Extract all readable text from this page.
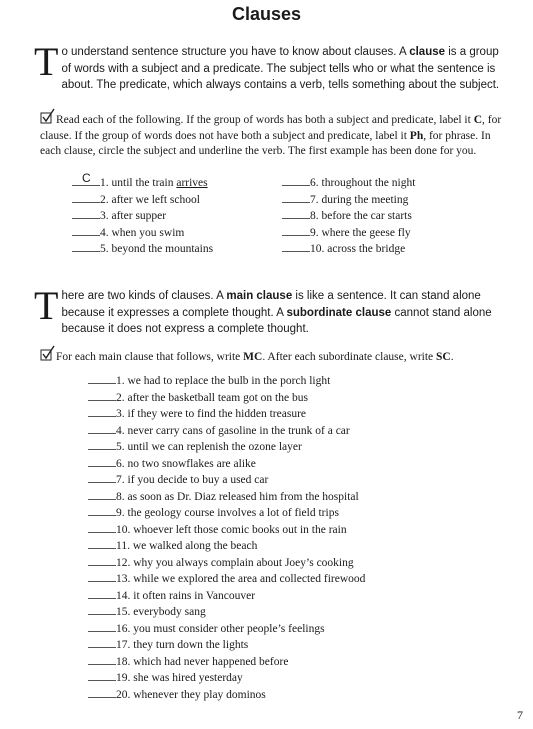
Clauses
To understand sentence structure you have to know about clauses. A clause is a group of words with a subject and a predicate. The subject tells who or what the sentence is about. The predicate, which always contains a verb, tells something about the subject.
Read each of the following. If the group of words has both a subject and predicate, label it C, for clause. If the group of words does not have both a subject and predicate, label it Ph, for phrase. In each clause, circle the subject and underline the verb. The first example has been done for you.
C 1. until the train arrives
2. after we left school
3. after supper
4. when you swim
5. beyond the mountains
6. throughout the night
7. during the meeting
8. before the car starts
9. where the geese fly
10. across the bridge
There are two kinds of clauses. A main clause is like a sentence. It can stand alone because it expresses a complete thought. A subordinate clause cannot stand alone because it does not express a complete thought.
For each main clause that follows, write MC. After each subordinate clause, write SC.
1. we had to replace the bulb in the porch light
2. after the basketball team got on the bus
3. if they were to find the hidden treasure
4. never carry cans of gasoline in the trunk of a car
5. until we can replenish the ozone layer
6. no two snowflakes are alike
7. if you decide to buy a used car
8. as soon as Dr. Diaz released him from the hospital
9. the geology course involves a lot of field trips
10. whoever left those comic books out in the rain
11. we walked along the beach
12. why you always complain about Joey’s cooking
13. while we explored the area and collected firewood
14. it often rains in Vancouver
15. everybody sang
16. you must consider other people’s feelings
17. they turn down the lights
18. which had never happened before
19. she was hired yesterday
20. whenever they play dominos
7
